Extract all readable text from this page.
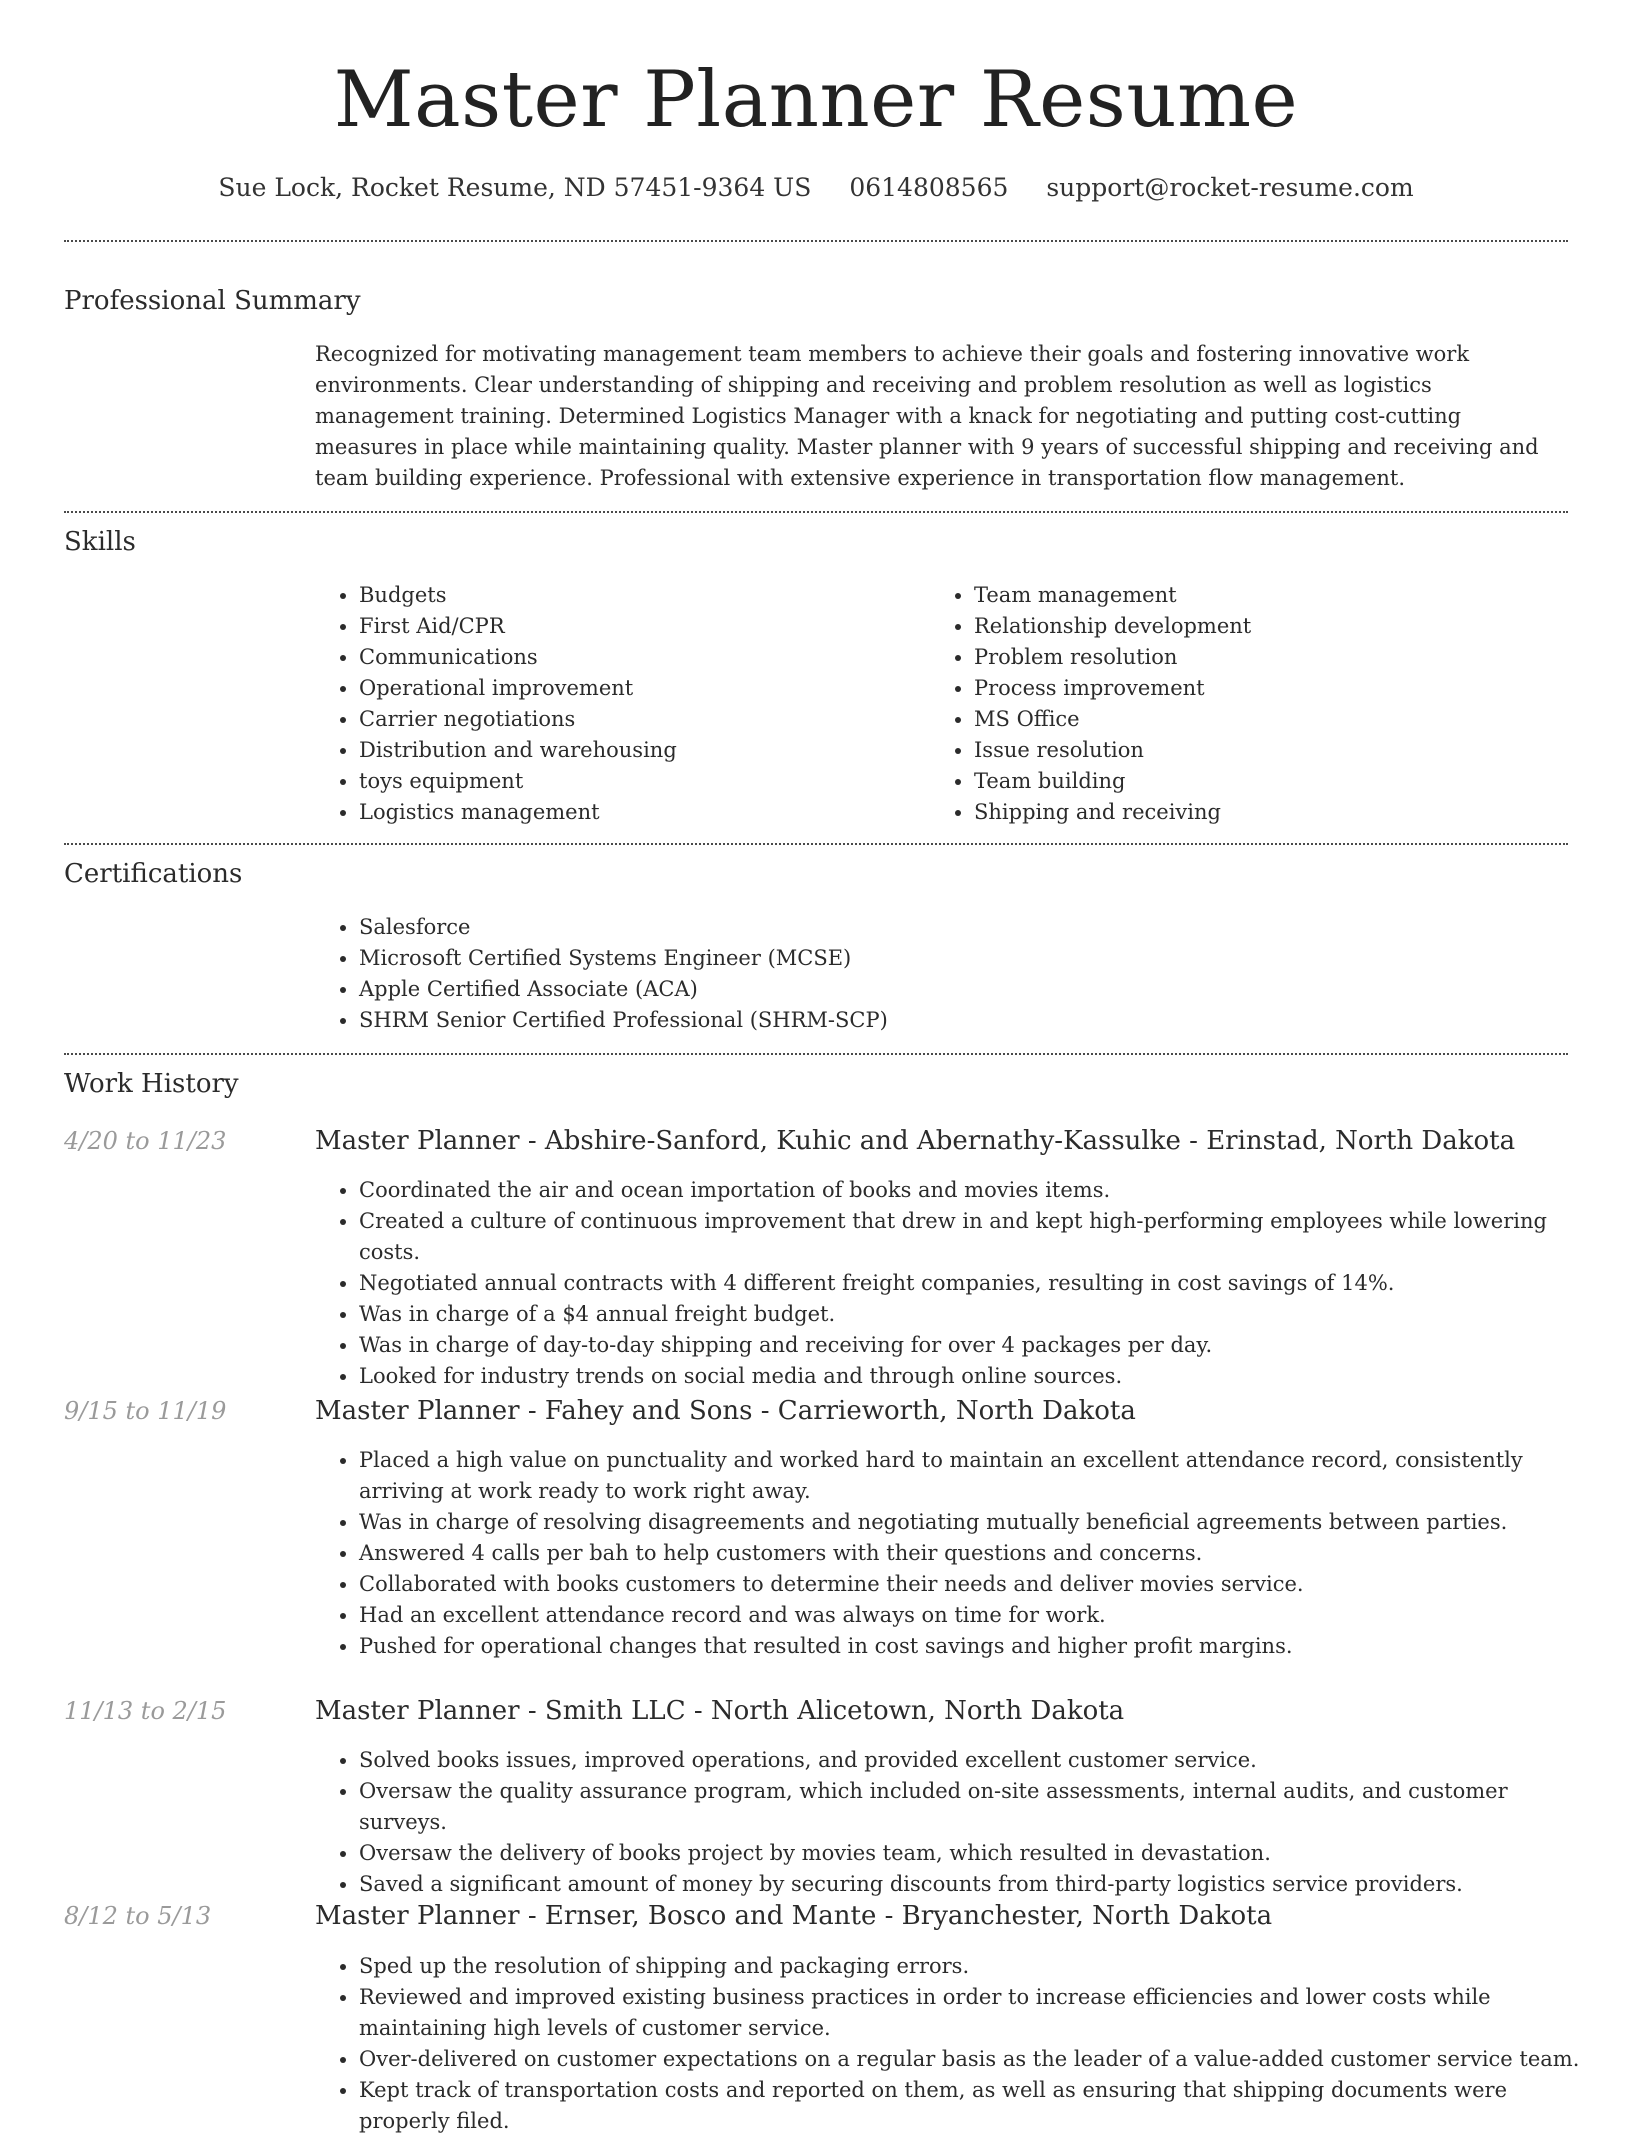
Master Planner Resume
Sue Lock, Rocket Resume, ND 57451-9364 US 0614808565 support@rocket-resume.com
Professional Summary

Recognized for motivating management team members to achieve their goals and fostering innovative work environments. Clear understanding of shipping and receiving and problem resolution as well as logistics management training. Determined Logistics Manager with a knack for negotiating and putting cost-cutting measures in place while maintaining quality. Master planner with 9 years of successful shipping and receiving and team building experience. Professional with extensive experience in transportation flow management.

Skills
• Budgets
• First Aid/CPR
• Communications
• Operational improvement
• Carrier negotiations
• Distribution and warehousing
• toys equipment
• Logistics management
• Team management
• Relationship development
• Problem resolution
• Process improvement
• MS Office
• Issue resolution
• Team building
• Shipping and receiving
Certifications
• Salesforce
• Microsoft Certified Systems Engineer (MCSE)
• Apple Certified Associate (ACA)
• SHRM Senior Certified Professional (SHRM-SCP)
Work History
4/20 to 11/23	Master Planner - Abshire-Sanford, Kuhic and Abernathy-Kassulke - Erinstad, North Dakota
• Coordinated the air and ocean importation of books and movies items.
• Created a culture of continuous improvement that drew in and kept high-performing employees while lowering costs.
• Negotiated annual contracts with 4 different freight companies, resulting in cost savings of 14%.
• Was in charge of a $4 annual freight budget.
• Was in charge of day-to-day shipping and receiving for over 4 packages per day.
• Looked for industry trends on social media and through online sources.
9/15 to 11/19	Master Planner - Fahey and Sons - Carrieworth, North Dakota
• Placed a high value on punctuality and worked hard to maintain an excellent attendance record, consistently arriving at work ready to work right away.
• Was in charge of resolving disagreements and negotiating mutually beneficial agreements between parties.
• Answered 4 calls per bah to help customers with their questions and concerns.
• Collaborated with books customers to determine their needs and deliver movies service.
• Had an excellent attendance record and was always on time for work.
• Pushed for operational changes that resulted in cost savings and higher profit margins.
11/13 to 2/15	Master Planner - Smith LLC - North Alicetown, North Dakota
• Solved books issues, improved operations, and provided excellent customer service.
• Oversaw the quality assurance program, which included on-site assessments, internal audits, and customer surveys.
• Oversaw the delivery of books project by movies team, which resulted in devastation.
• Saved a significant amount of money by securing discounts from third-party logistics service providers.
8/12 to 5/13	Master Planner - Ernser, Bosco and Mante - Bryanchester, North Dakota
• Sped up the resolution of shipping and packaging errors.
• Reviewed and improved existing business practices in order to increase efficiencies and lower costs while maintaining high levels of customer service.
• Over-delivered on customer expectations on a regular basis as the leader of a value-added customer service team.
• Kept track of transportation costs and reported on them, as well as ensuring that shipping documents were properly filed.
